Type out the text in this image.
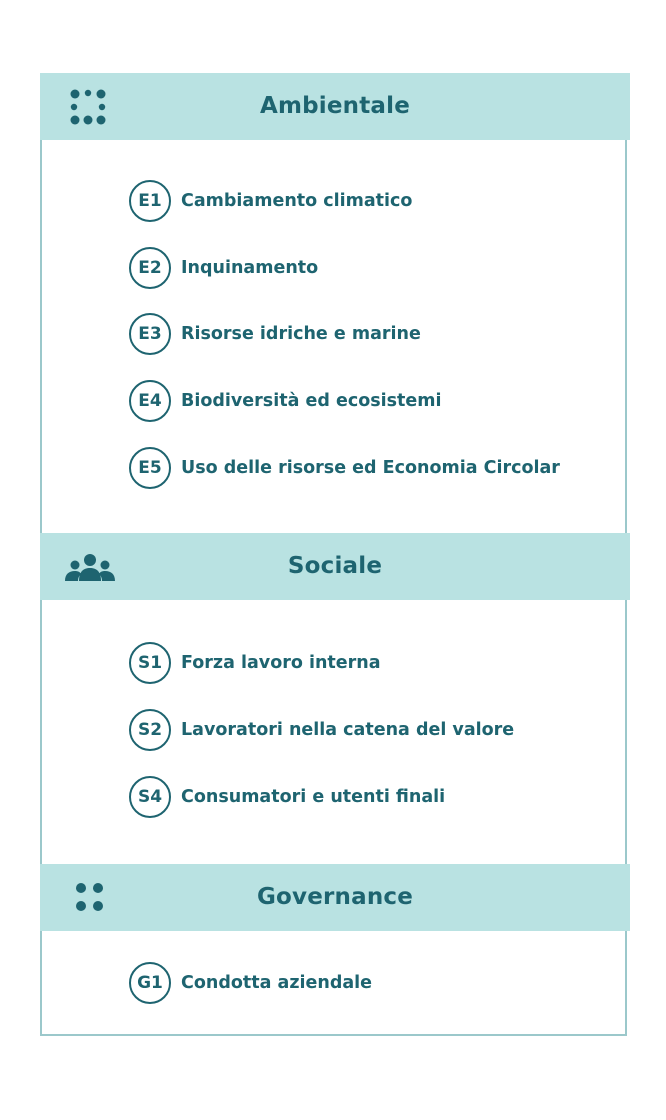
Ambientale
E1	Cambiamento climatico
E2	Inquinamento
E3	Risorse idriche e marine
E4	Biodiversità ed ecosistemi
E5	Uso delle risorse ed Economia Circolar
Sociale
S1	Forza lavoro interna
S2	Lavoratori nella catena del valore
S4	Consumatori e utenti finali
Governance
G1	Condotta aziendale
